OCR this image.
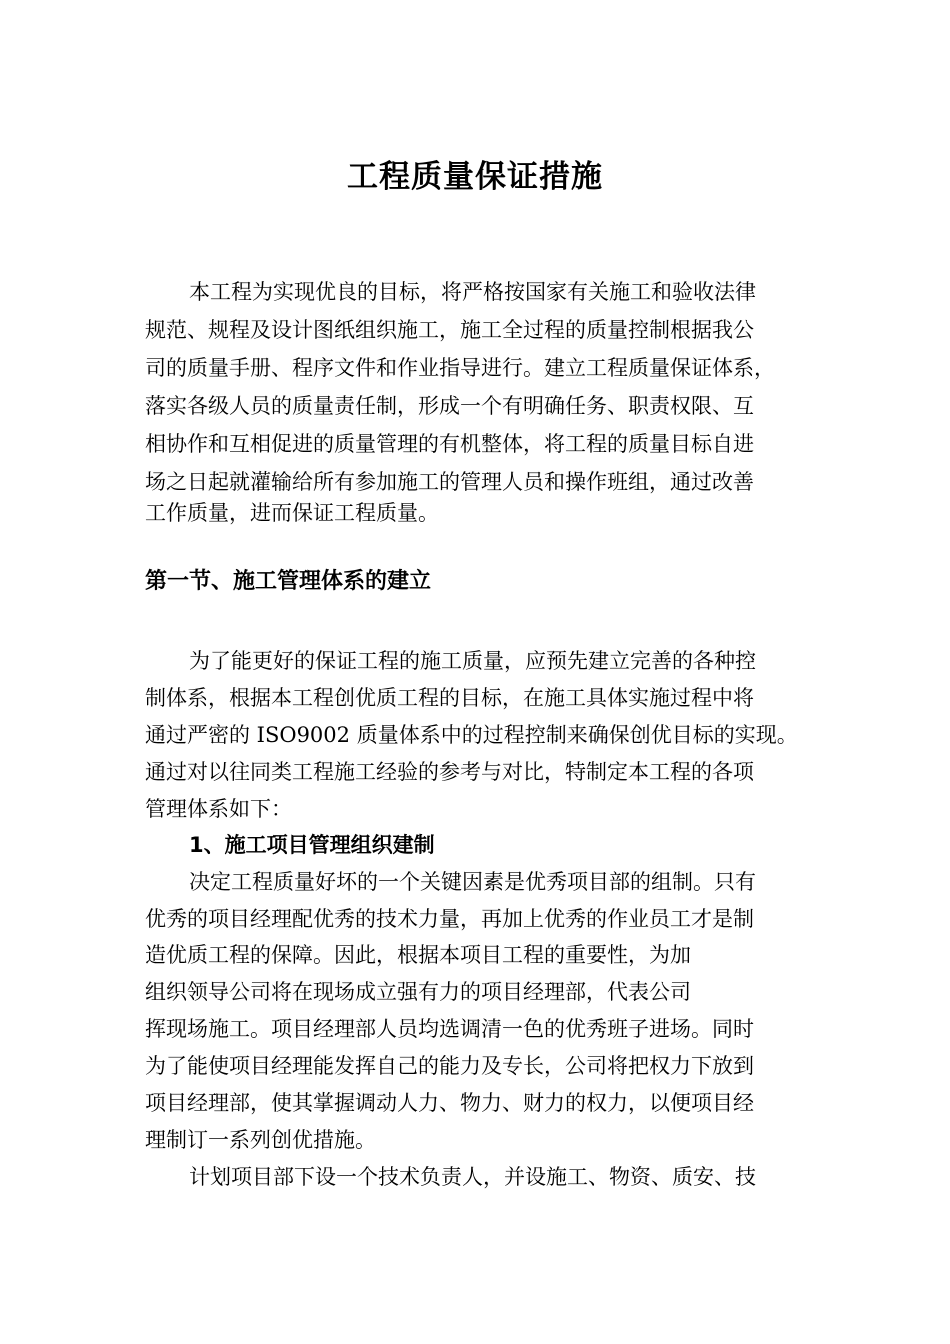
工程质量保证措施
本工程为实现优良的目标，将严格按国家有关施工和验收法律
规范、规程及设计图纸组织施工，施工全过程的质量控制根据我公
司的质量手册、程序文件和作业指导进行。建立工程质量保证体系，
落实各级人员的质量责任制，形成一个有明确任务、职责权限、互
相协作和互相促进的质量管理的有机整体，将工程的质量目标自进
场之日起就灌输给所有参加施工的管理人员和操作班组，通过改善
工作质量，进而保证工程质量。
第一节、施工管理体系的建立
为了能更好的保证工程的施工质量，应预先建立完善的各种控
制体系，根据本工程创优质工程的目标，在施工具体实施过程中将
通过严密的 ISO9002 质量体系中的过程控制来确保创优目标的实现。
通过对以往同类工程施工经验的参考与对比，特制定本工程的各项
管理体系如下：
1、施工项目管理组织建制
决定工程质量好坏的一个关键因素是优秀项目部的组制。只有
优秀的项目经理配优秀的技术力量，再加上优秀的作业员工才是制
造优质工程的保障。因此，根据本项目工程的重要性，为加
组织领导公司将在现场成立强有力的项目经理部，代表公司
挥现场施工。项目经理部人员均选调清一色的优秀班子进场。同时
为了能使项目经理能发挥自己的能力及专长，公司将把权力下放到
项目经理部，使其掌握调动人力、物力、财力的权力，以便项目经
理制订一系列创优措施。
计划项目部下设一个技术负责人，并设施工、物资、质安、技
